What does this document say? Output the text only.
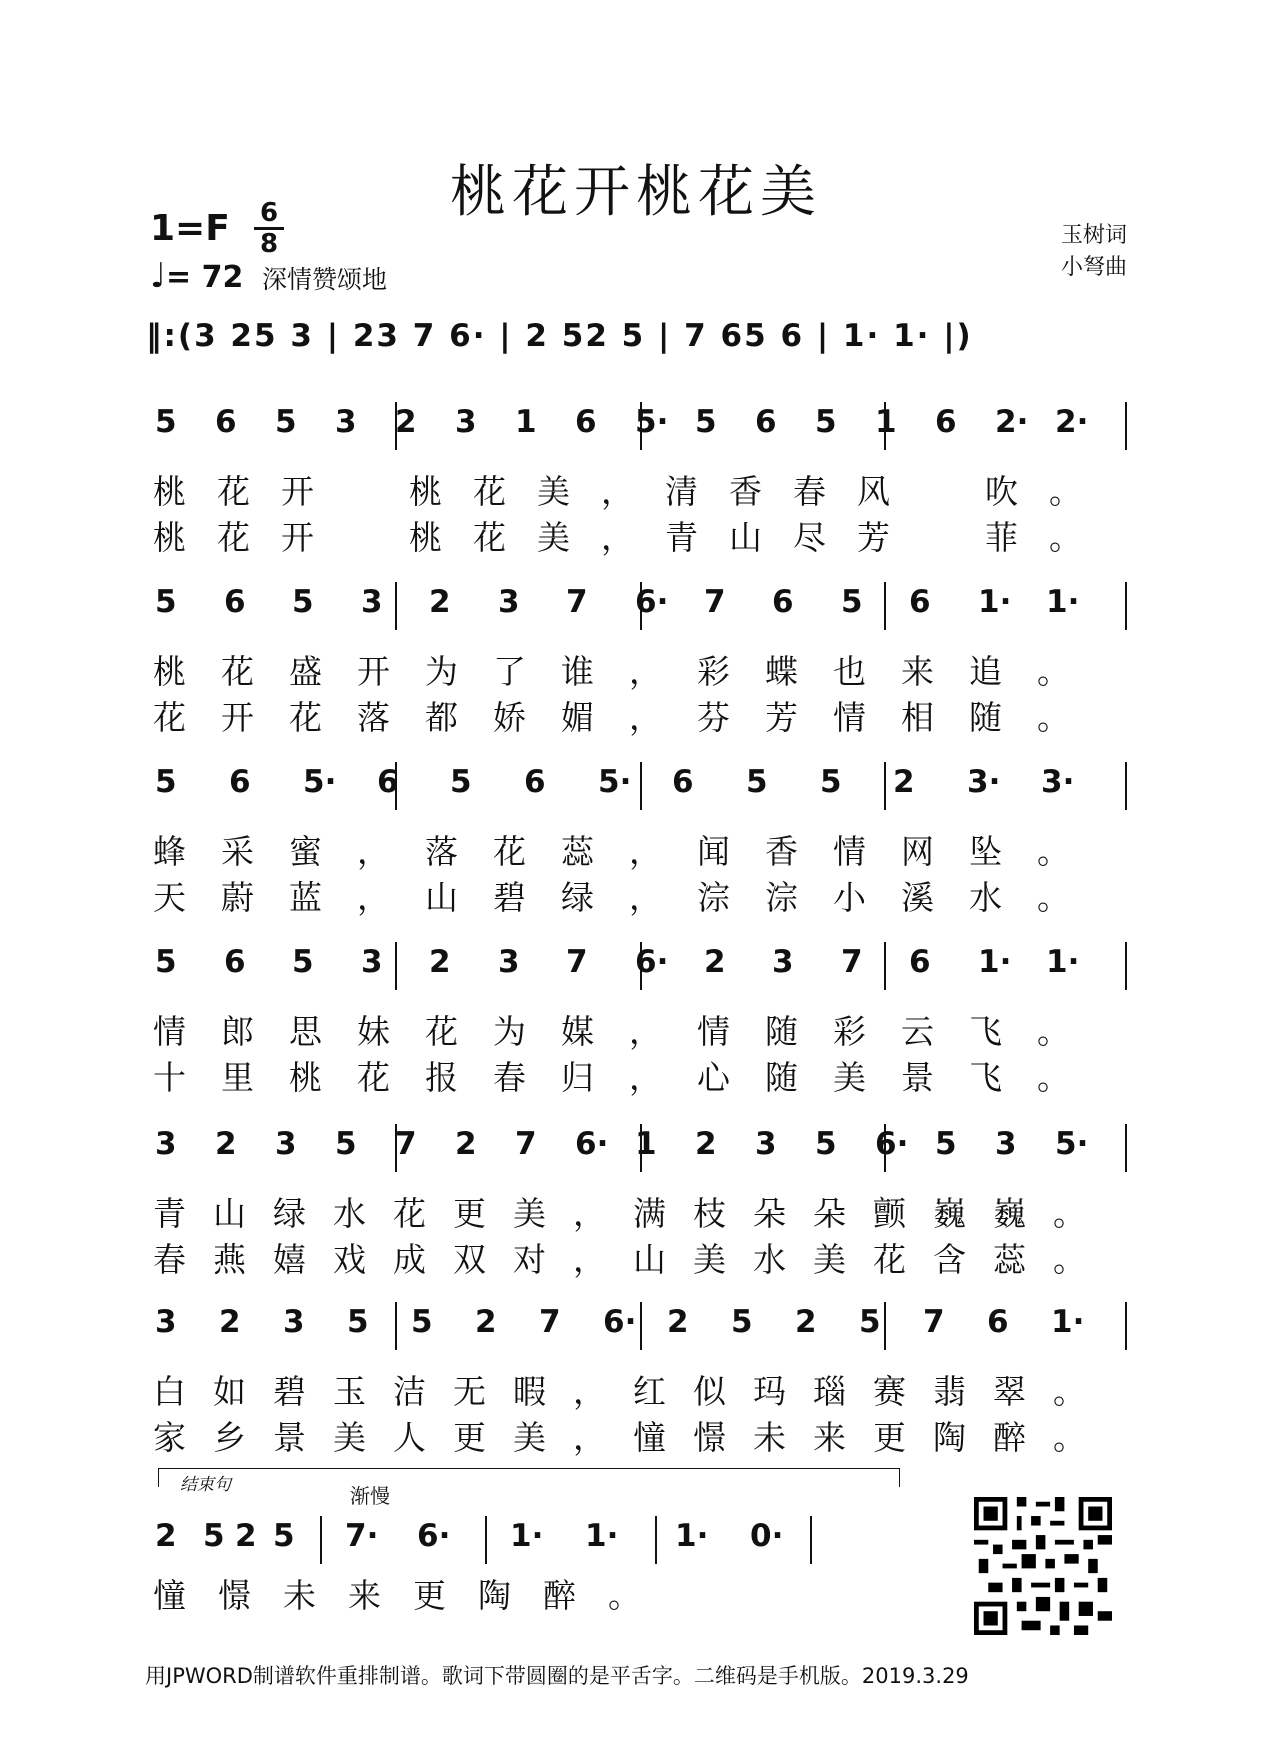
桃花开桃花美
1=F 6
8
♩= 72 深情赞颂地
玉树词
小弩曲
‖:(3 25 3 | 23 7 6· | 2 52 5 | 7 65 6 | 1· 1· |)
5 6 5 3 2 3 1 6 5· 5 6 5 1 6 2· 2·
桃 花 开	桃 花 美 ， 清 香 春 风	吹 。
桃 花 开	桃 花 美 ， 青 山 尽 芳	菲 。
5 6 5 3 2 3 7 6· 7 6 5 6 1· 1·
桃 花 盛 开 为 了 谁 ， 彩 蝶 也 来 追 。
花 开 花 落 都 娇 媚 ， 芬 芳 情 相 随 。
5 6 5· 6 5 6 5· 6 5 5 2 3· 3·
蜂 采 蜜 ， 落 花 蕊 ， 闻 香 情 网 坠 。
天 蔚 蓝 ， 山 碧 绿 ， 淙 淙 小 溪 水 。
5 6 5 3 2 3 7 6· 2 3 7 6 1· 1·
情 郎 思 妹 花 为 媒 ， 情 随 彩 云 飞 。
十 里 桃 花 报 春 归 ， 心 随 美 景 飞 。
3 2 3 5 7 2 7 6· 1 2 3 5 6· 5 3 5·
青 山 绿 水 花 更 美 ， 满 枝 朵 朵 颤 巍 巍 。
春 燕 嬉 戏 成 双 对 ， 山 美 水 美 花 含 蕊 。
3 2 3 5 5 2 7 6· 2 5 2 5 7 6 1·
白 如 碧 玉 洁 无 暇 ， 红 似 玛 瑙 赛 翡 翠 。
家 乡 景 美 人 更 美 ， 憧 憬 未 来 更 陶 醉 。
结束句	渐慢
2 5 2 5 7· 6· 1· 1· 1· 0·
憧憬未来更陶醉。
用JPWORD制谱软件重排制谱。歌词下带圆圈的是平舌字。二维码是手机版。2019.3.29
